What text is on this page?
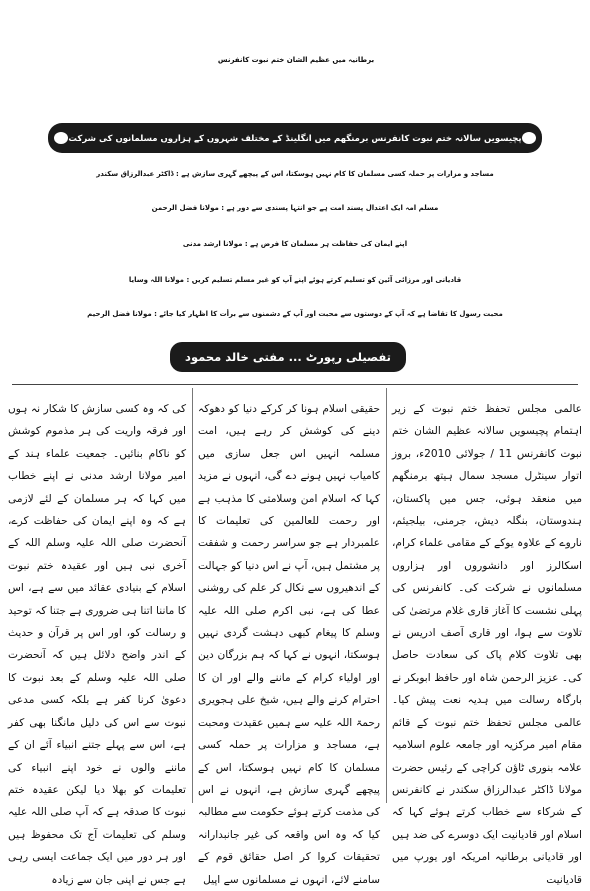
برطانیہ میں عظیم الشان ختم نبوت کانفرنس
پچیسویں سالانہ ختم نبوت کانفرنس برمنگھم میں انگلینڈ کے مختلف شہروں کے ہزاروں مسلمانوں کی شرکت
مساجد و مزارات پر حملہ کسی مسلمان کا کام نہیں ہوسکتا، اس کے پیچھے گہری سازش ہے : ڈاکٹر عبدالرزاق سکندر
مسلم امہ ایک اعتدال پسند امت ہے جو انتہا پسندی سے دور ہے : مولانا فضل الرحمن
اپنے ایمان کی حفاظت ہر مسلمان کا فرض ہے : مولانا ارشد مدنی
قادیانی اور مرزائی آئین کو تسلیم کرتے ہوئے اپنے آپ کو غیر مسلم تسلیم کریں : مولانا اللہ وسایا
محبت رسول کا تقاضا ہے کہ آپ کے دوستوں سے محبت اور آپ کے دشمنوں سے برأت کا اظہار کیا جائے : مولانا فضل الرحیم
تفصیلی رپورٹ ... مفتی خالد محمود

عالمی مجلس تحفظ ختم نبوت کے زیر اہتمام پچیسویں سالانہ عظیم الشان ختم نبوت کانفرنس 11 / جولائی 2010ء، بروز اتوار سینٹرل مسجد سمال ہیتھ برمنگھم میں منعقد ہوئی، جس میں پاکستان، ہندوستان، بنگلہ دیش، جرمنی، بیلجیئم، ناروے کے علاوہ یوکے کے مقامی علماء کرام، اسکالرز اور دانشوروں اور ہزاروں مسلمانوں نے شرکت کی۔ کانفرنس کی پہلی نشست کا آغاز قاری غلام مرتضیٰ کی تلاوت سے ہوا، اور قاری آصف ادریس نے بھی تلاوت کلام پاک کی سعادت حاصل کی۔ عزیز الرحمن شاہ اور حافظ ابوبکر نے بارگاہ رسالت میں ہدیہ نعت پیش کیا۔ عالمی مجلس تحفظ ختم نبوت کے قائم مقام امیر مرکزیہ اور جامعہ علوم اسلامیہ علامہ بنوری ٹاؤن کراچی کے رئیس حضرت مولانا ڈاکٹر عبدالرزاق سکندر نے کانفرنس کے شرکاء سے خطاب کرتے ہوئے کہا کہ اسلام اور قادیانیت ایک دوسرے کی ضد ہیں اور قادیانی برطانیہ امریکہ اور یورپ میں قادیانیت

حقیقی اسلام ہونا کر کرکے دنیا کو دھوکہ دینے کی کوشش کر رہے ہیں، امت مسلمہ انہیں اس جعل سازی میں کامیاب نہیں ہونے دے گی، انہوں نے مزید کہا کہ اسلام امن وسلامتی کا مذہب ہے اور رحمت للعالمین کی تعلیمات کا علمبردار ہے جو سراسر رحمت و شفقت پر مشتمل ہیں، آپ نے اس دنیا کو جہالت کے اندھیروں سے نکال کر علم کی روشنی عطا کی ہے، نبی اکرم صلی اللہ علیہ وسلم کا پیغام کبھی دہشت گردی نہیں ہوسکتا، انہوں نے کہا کہ ہم بزرگان دین اور اولیاء کرام کے ماننے والے اور ان کا احترام کرنے والے ہیں، شیخ علی ہجویری رحمۃ اللہ علیہ سے ہمیں عقیدت ومحبت ہے، مساجد و مزارات پر حملہ کسی مسلمان کا کام نہیں ہوسکتا، اس کے پیچھے گہری سازش ہے، انہوں نے اس کی مذمت کرتے ہوئے حکومت سے مطالبہ کیا کہ وہ اس واقعہ کی غیر جانبدارانہ تحقیقات کروا کر اصل حقائق قوم کے سامنے لائے، انہوں نے مسلمانوں سے اپیل

کی کہ وہ کسی سازش کا شکار نہ ہوں اور فرقہ واریت کی ہر مذموم کوشش کو ناکام بنائیں۔ جمعیت علماء ہند کے امیر مولانا ارشد مدنی نے اپنے خطاب میں کہا کہ ہر مسلمان کے لئے لازمی ہے کہ وہ اپنے ایمان کی حفاظت کرے، آنحضرت صلی اللہ علیہ وسلم اللہ کے آخری نبی ہیں اور عقیدہ ختم نبوت اسلام کے بنیادی عقائد میں سے ہے، اس کا ماننا اتنا ہی ضروری ہے جتنا کہ توحید و رسالت کو، اور اس پر قرآن و حدیث کے اندر واضح دلائل ہیں کہ آنحضرت صلی اللہ علیہ وسلم کے بعد نبوت کا دعویٰ کرنا کفر ہے بلکہ کسی مدعی نبوت سے اس کی دلیل مانگنا بھی کفر ہے، اس سے پہلے جتنے انبیاء آئے ان کے ماننے والوں نے خود اپنے انبیاء کی تعلیمات کو بھلا دیا لیکن عقیدہ ختم نبوت کا صدقہ ہے کہ آپ صلی اللہ علیہ وسلم کی تعلیمات آج تک محفوظ ہیں اور ہر دور میں ایک جماعت ایسی رہی ہے جس نے اپنی جان سے زیادہ
